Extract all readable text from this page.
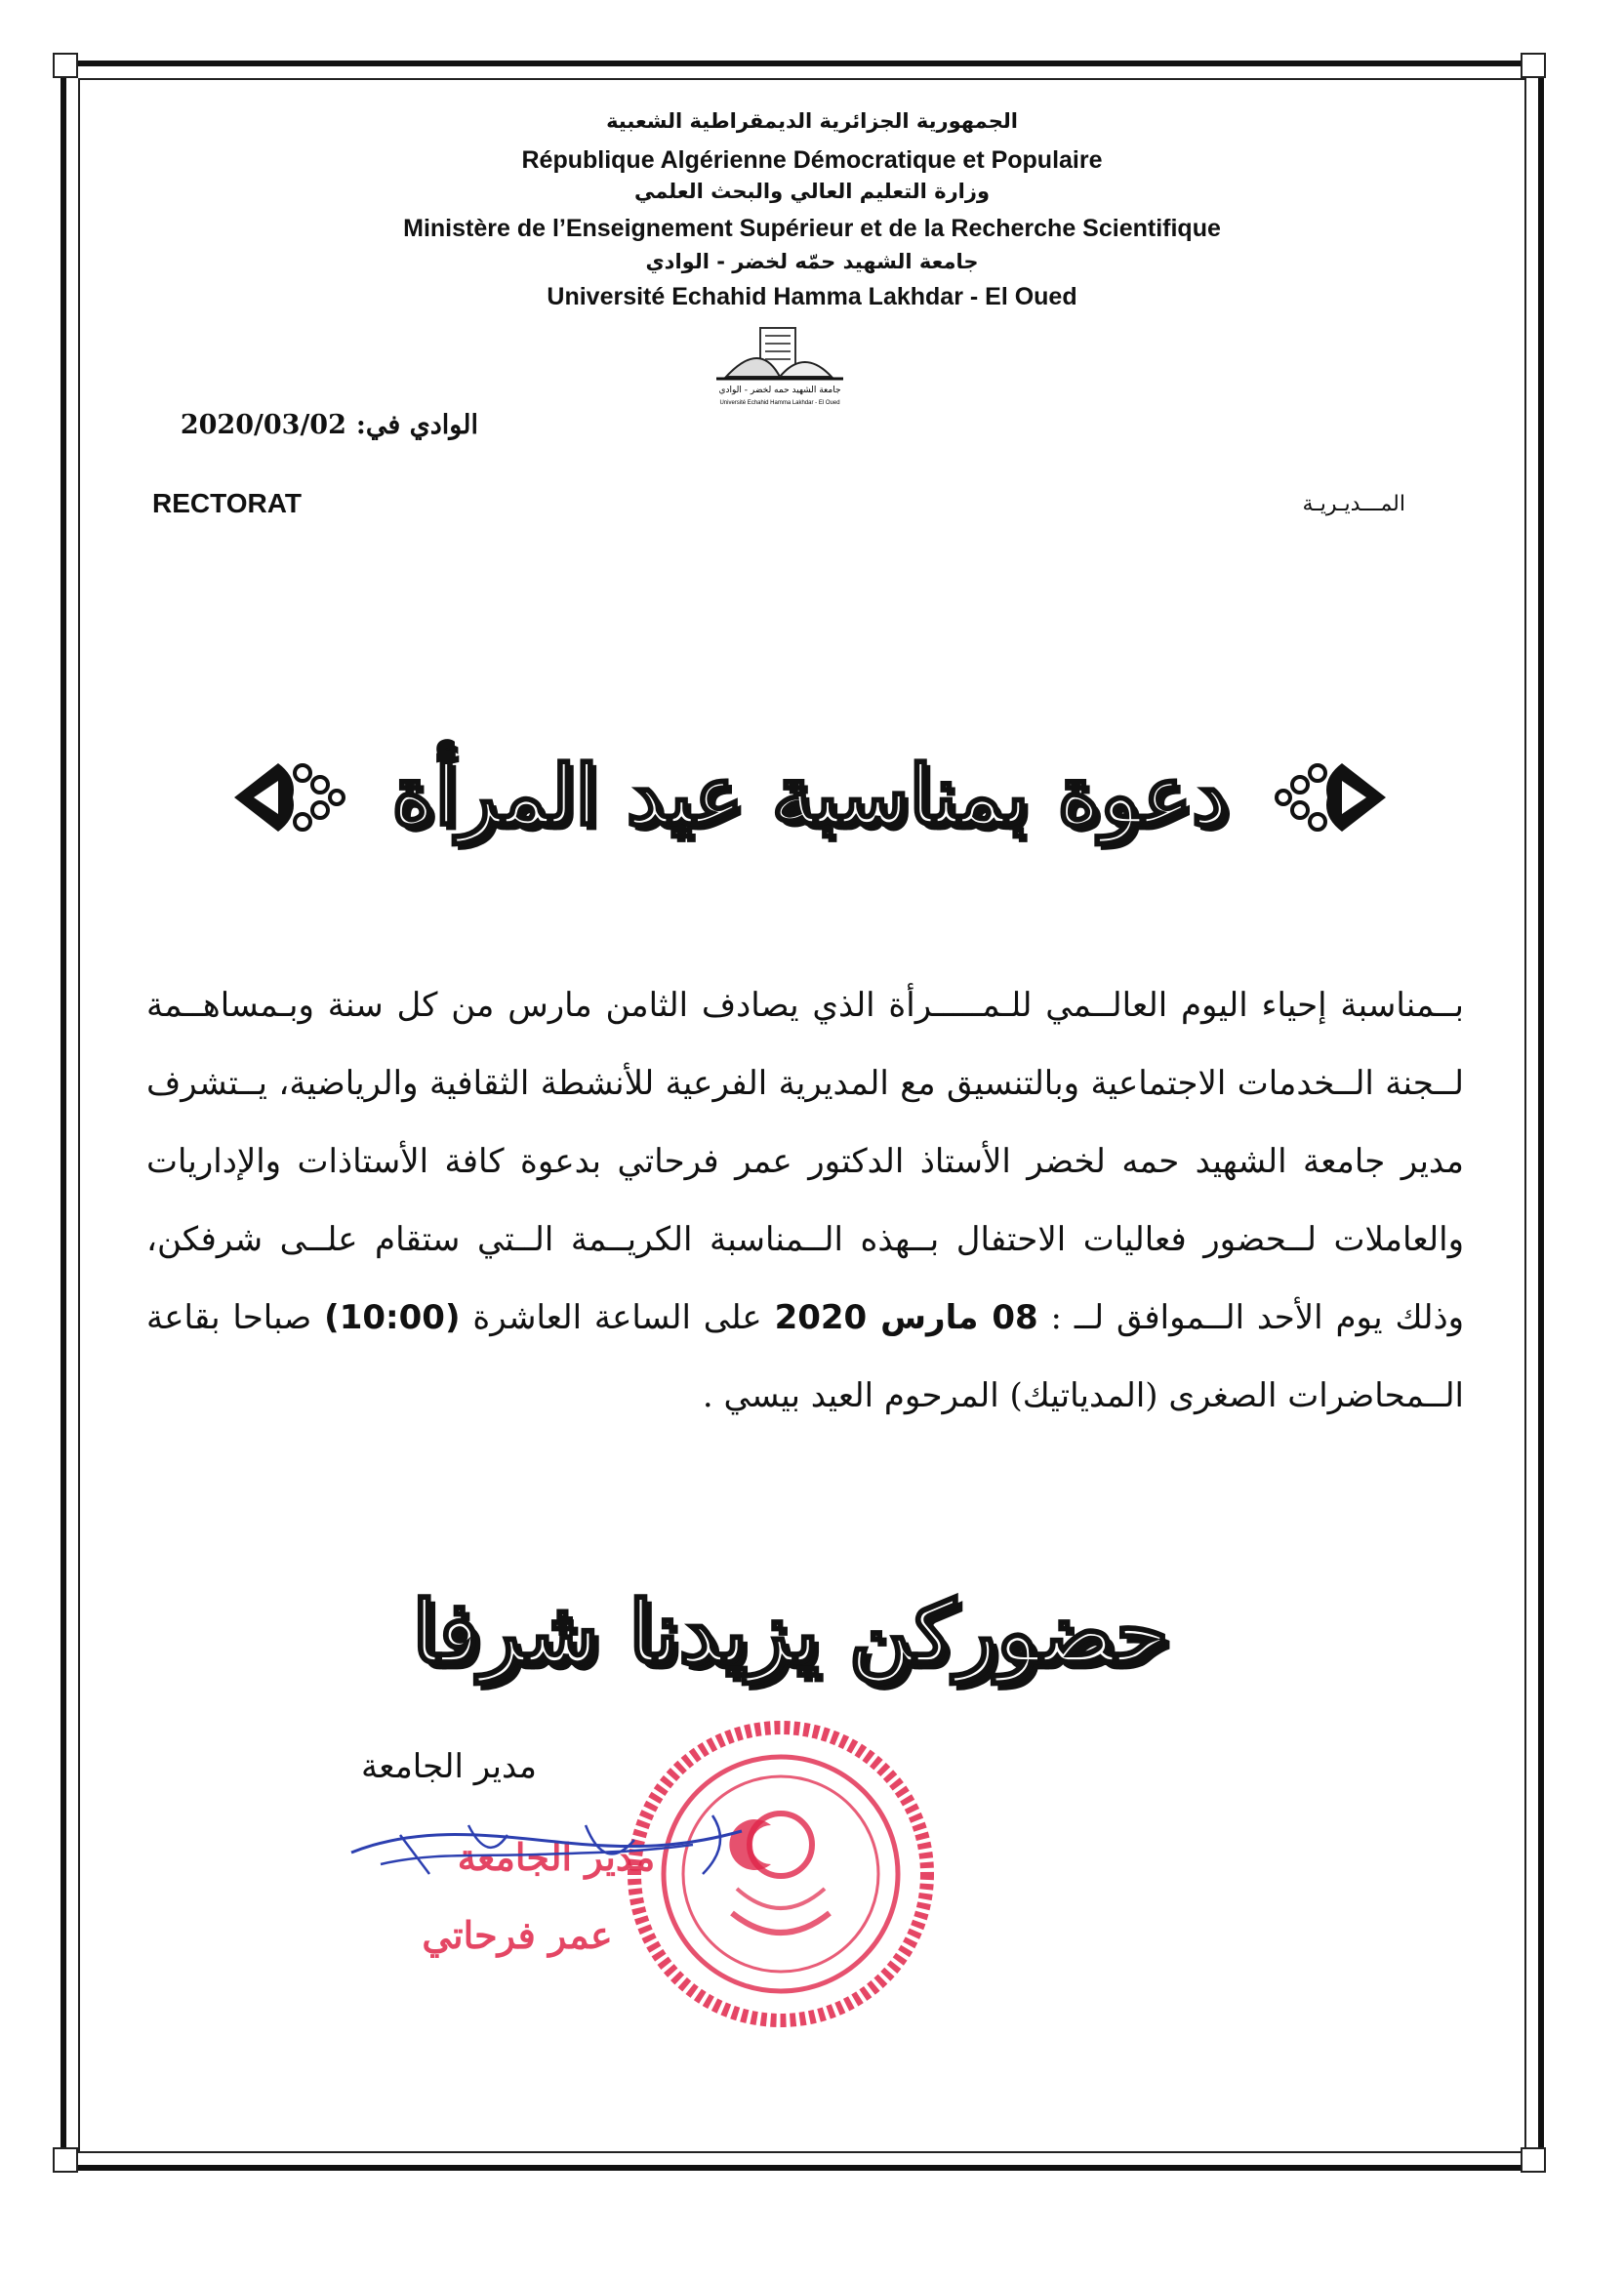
الجمهورية الجزائرية الديمقراطية الشعبية
République Algérienne Démocratique et Populaire
وزارة التعليم العالي والبحث العلمي
Ministère de l’Enseignement Supérieur et de la Recherche Scientifique
جامعة الشهيد حمّه لخضر - الوادي
Université Echahid Hamma Lakhdar - El Oued
جامعة الشهيد حمه لخضر - الوادي
Université Echahid Hamma Lakhdar - El Oued
الوادي في:2020/03/02
RECTORAT	المـــديـريـة
دعوة بمناسبة عيد المرأة
بــمناسبة إحياء اليوم العالــمي للـمـــــرأة الذي يصادف الثامن مارس من كل سنة وبـمساهــمة لــجنة الــخدمات الاجتماعية وبالتنسيق مع المديرية الفرعية للأنشطة الثقافية والرياضية، يــتشرف مدير جامعة الشهيد حمه لخضر الأستاذ الدكتور عمر فرحاتي بدعوة كافة الأستاذات والإداريات والعاملات لــحضور فعاليات الاحتفال بــهذه الــمناسبة الكريــمة الــتي ستقام علــى شرفكن، وذلك يوم الأحد الــموافق لــ : 08 مارس 2020 على الساعة العاشرة (10:00) صباحا بقاعة الــمحاضرات الصغرى (المدياتيك) المرحوم العيد بيسي .
حضوركن يزيدنا شرفا
مدير الجامعة
مدير الجامعة
عمر فرحاتي
